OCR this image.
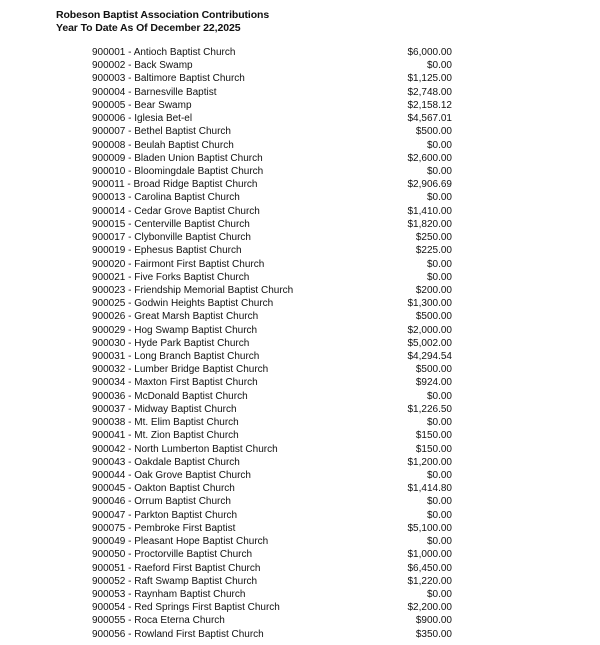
Robeson Baptist Association Contributions
Year To Date As Of December 22,2025
900001 - Antioch Baptist Church	$6,000.00
900002 - Back Swamp	$0.00
900003 - Baltimore Baptist Church	$1,125.00
900004 - Barnesville Baptist	$2,748.00
900005 - Bear Swamp	$2,158.12
900006 - Iglesia Bet-el	$4,567.01
900007 - Bethel Baptist Church	$500.00
900008 - Beulah Baptist Church	$0.00
900009 - Bladen Union Baptist Church	$2,600.00
900010 - Bloomingdale Baptist Church	$0.00
900011 - Broad Ridge Baptist Church	$2,906.69
900013 - Carolina Baptist Church	$0.00
900014 - Cedar Grove Baptist Church	$1,410.00
900015 - Centerville Baptist Church	$1,820.00
900017 - Clybonville Baptist Church	$250.00
900019 - Ephesus Baptist Church	$225.00
900020 - Fairmont First Baptist Church	$0.00
900021 - Five Forks Baptist Church	$0.00
900023 - Friendship Memorial Baptist Church	$200.00
900025 - Godwin Heights Baptist Church	$1,300.00
900026 - Great Marsh Baptist Church	$500.00
900029 - Hog Swamp Baptist Church	$2,000.00
900030 - Hyde Park Baptist Church	$5,002.00
900031 - Long Branch Baptist Church	$4,294.54
900032 - Lumber Bridge Baptist Church	$500.00
900034 - Maxton First Baptist Church	$924.00
900036 - McDonald Baptist Church	$0.00
900037 - Midway Baptist Church	$1,226.50
900038 - Mt. Elim Baptist Church	$0.00
900041 - Mt. Zion Baptist Church	$150.00
900042 - North Lumberton Baptist Church	$150.00
900043 - Oakdale Baptist Church	$1,200.00
900044 - Oak Grove Baptist Church	$0.00
900045 - Oakton Baptist Church	$1,414.80
900046 - Orrum Baptist Church	$0.00
900047 - Parkton Baptist Church	$0.00
900075 - Pembroke First Baptist	$5,100.00
900049 - Pleasant Hope Baptist Church	$0.00
900050 - Proctorville Baptist Church	$1,000.00
900051 - Raeford First Baptist Church	$6,450.00
900052 - Raft Swamp Baptist Church	$1,220.00
900053 - Raynham Baptist Church	$0.00
900054 - Red Springs First Baptist Church	$2,200.00
900055 - Roca Eterna Church	$900.00
900056 - Rowland First Baptist Church	$350.00
